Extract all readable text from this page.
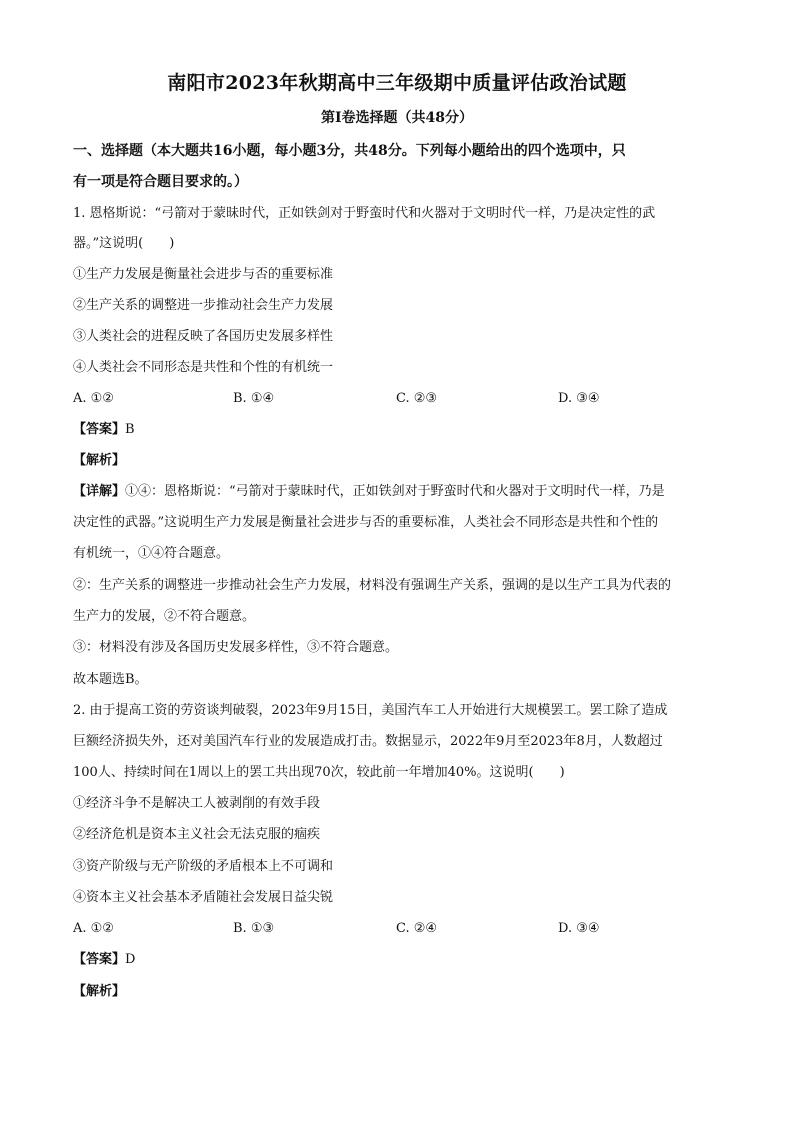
南阳市2023年秋期高中三年级期中质量评估政治试题
第Ⅰ卷选择题（共48分）
一、选择题（本大题共16小题，每小题3分，共48分。下列每小题给出的四个选项中，只
有一项是符合题目要求的。）
1. 恩格斯说：“弓箭对于蒙昧时代，正如铁剑对于野蛮时代和火器对于文明时代一样，乃是决定性的武
器。”这说明(　　)
①生产力发展是衡量社会进步与否的重要标准
②生产关系的调整进一步推动社会生产力发展
③人类社会的进程反映了各国历史发展多样性
④人类社会不同形态是共性和个性的有机统一
A. ①②	B. ①④	C. ②③	D. ③④
【答案】B
【解析】
【详解】①④：恩格斯说：“弓箭对于蒙昧时代，正如铁剑对于野蛮时代和火器对于文明时代一样，乃是
决定性的武器。”这说明生产力发展是衡量社会进步与否的重要标准，人类社会不同形态是共性和个性的
有机统一，①④符合题意。
②：生产关系的调整进一步推动社会生产力发展，材料没有强调生产关系，强调的是以生产工具为代表的
生产力的发展，②不符合题意。
③：材料没有涉及各国历史发展多样性，③不符合题意。
故本题选B。
2. 由于提高工资的劳资谈判破裂，2023年9月15日，美国汽车工人开始进行大规模罢工。罢工除了造成
巨额经济损失外，还对美国汽车行业的发展造成打击。数据显示，2022年9月至2023年8月，人数超过
100人、持续时间在1周以上的罢工共出现70次，较此前一年增加40%。这说明(　　)
①经济斗争不是解决工人被剥削的有效手段
②经济危机是资本主义社会无法克服的痼疾
③资产阶级与无产阶级的矛盾根本上不可调和
④资本主义社会基本矛盾随社会发展日益尖锐
A. ①②	B. ①③	C. ②④	D. ③④
【答案】D
【解析】
